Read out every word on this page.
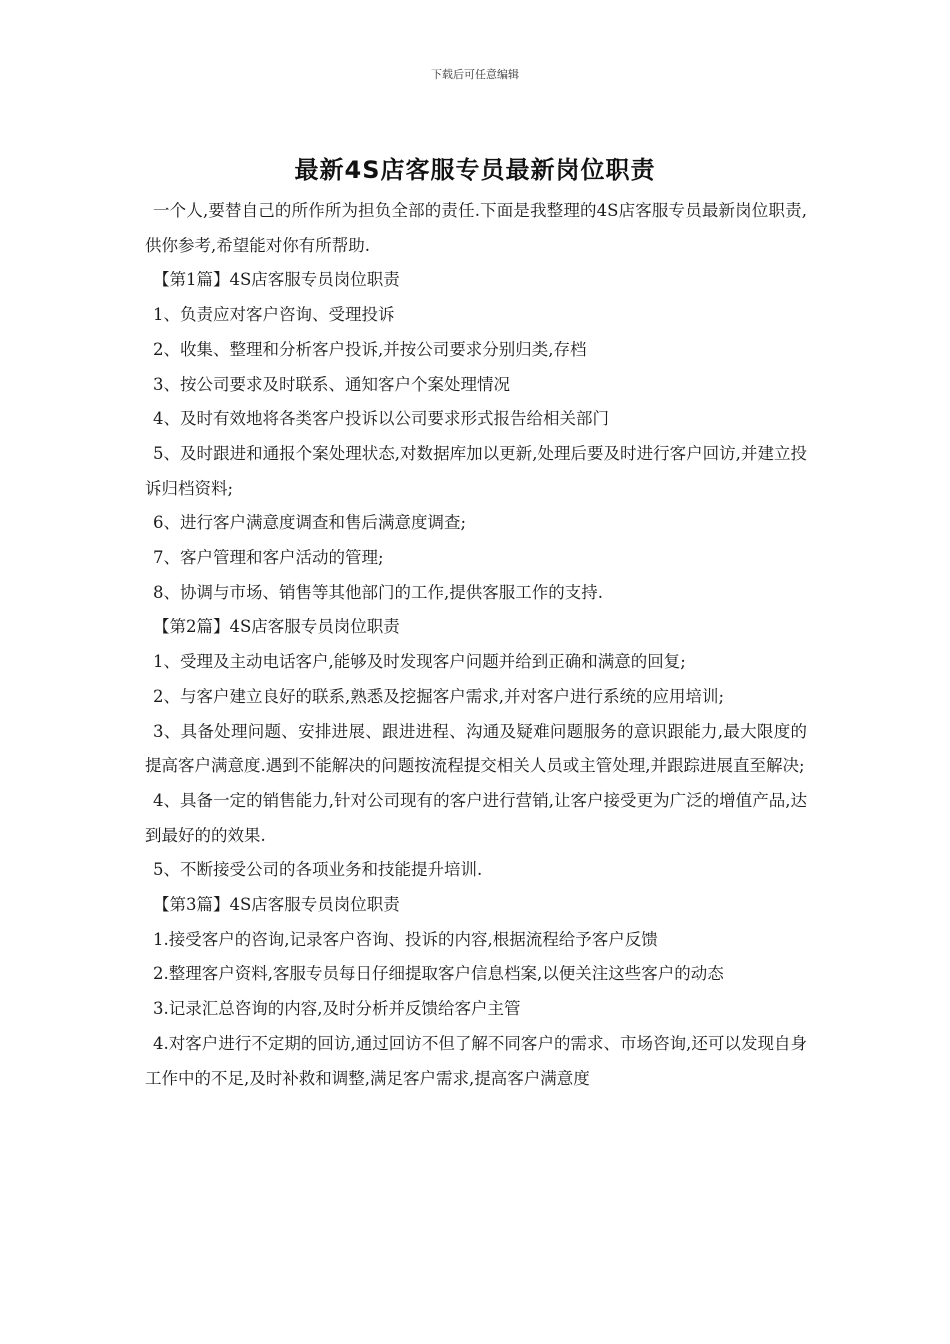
下载后可任意编辑
最新4S店客服专员最新岗位职责

一个人,要替自己的所作所为担负全部的责任.下面是我整理的4S店客服专员最新岗位职责,供你参考,希望能对你有所帮助.

【第1篇】4S店客服专员岗位职责

1、负责应对客户咨询、受理投诉

2、收集、整理和分析客户投诉,并按公司要求分别归类,存档

3、按公司要求及时联系、通知客户个案处理情况

4、及时有效地将各类客户投诉以公司要求形式报告给相关部门

5、及时跟进和通报个案处理状态,对数据库加以更新,处理后要及时进行客户回访,并建立投诉归档资料;

6、进行客户满意度调查和售后满意度调查;

7、客户管理和客户活动的管理;

8、协调与市场、销售等其他部门的工作,提供客服工作的支持.

【第2篇】4S店客服专员岗位职责

1、受理及主动电话客户,能够及时发现客户问题并给到正确和满意的回复;

2、与客户建立良好的联系,熟悉及挖掘客户需求,并对客户进行系统的应用培训;

3、具备处理问题、安排进展、跟进进程、沟通及疑难问题服务的意识跟能力,最大限度的提高客户满意度.遇到不能解决的问题按流程提交相关人员或主管处理,并跟踪进展直至解决;

4、具备一定的销售能力,针对公司现有的客户进行营销,让客户接受更为广泛的增值产品,达到最好的的效果.

5、不断接受公司的各项业务和技能提升培训.

【第3篇】4S店客服专员岗位职责

1.接受客户的咨询,记录客户咨询、投诉的内容,根据流程给予客户反馈

2.整理客户资料,客服专员每日仔细提取客户信息档案,以便关注这些客户的动态

3.记录汇总咨询的内容,及时分析并反馈给客户主管

4.对客户进行不定期的回访,通过回访不但了解不同客户的需求、市场咨询,还可以发现自身工作中的不足,及时补救和调整,满足客户需求,提高客户满意度
